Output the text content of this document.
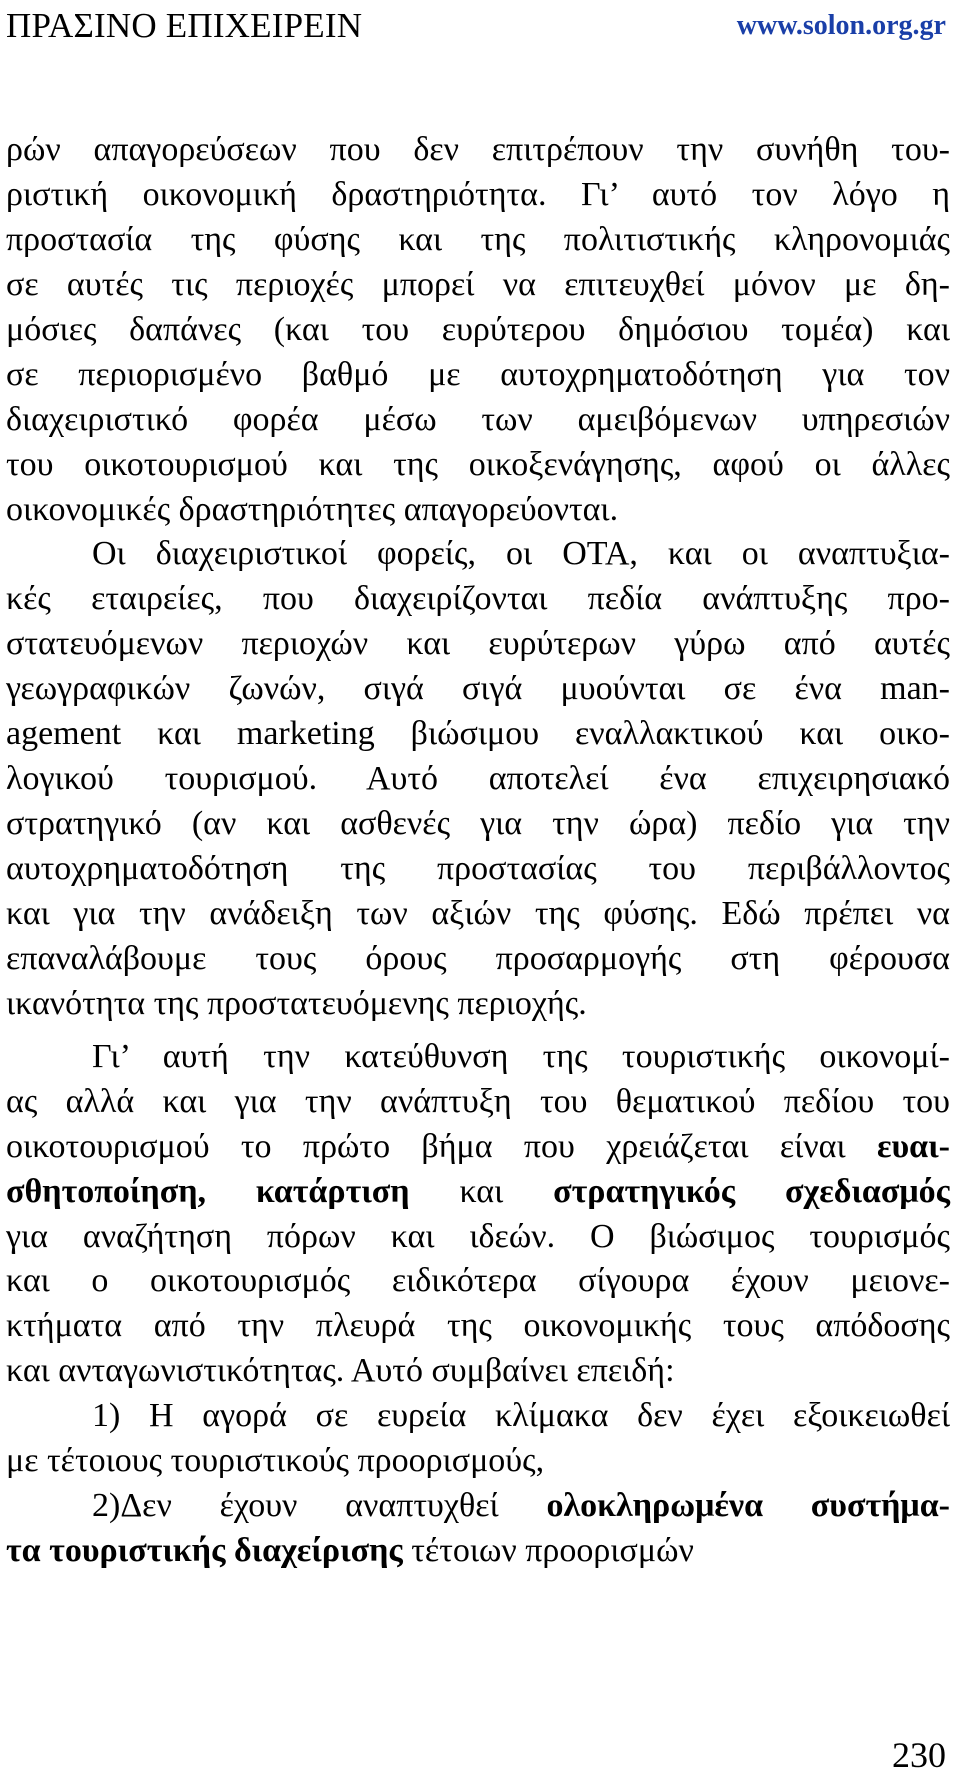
ΠΡΑΣΙΝΟ ΕΠΙΧΕΙΡΕΙΝ	www.solon.org.gr
ρών απαγορεύσεων που δεν επιτρέπουν την συνήθη του-
ριστική οικονομική δραστηριότητα. Γι’ αυτό τον λόγο η
προστασία της φύσης και της πολιτιστικής κληρονομιάς
σε αυτές τις περιοχές μπορεί να επιτευχθεί μόνον με δη-
μόσιες δαπάνες (και του ευρύτερου δημόσιου τομέα) και
σε περιορισμένο βαθμό με αυτοχρηματοδότηση για τον
διαχειριστικό φορέα μέσω των αμειβόμενων υπηρεσιών
του οικοτουρισμού και της οικοξενάγησης, αφού οι άλλες
οικονομικές δραστηριότητες απαγορεύονται.
Οι διαχειριστικοί φορείς, οι ΟΤΑ, και οι αναπτυξια-
κές εταιρείες, που διαχειρίζονται πεδία ανάπτυξης προ-
στατευόμενων περιοχών και ευρύτερων γύρω από αυτές
γεωγραφικών ζωνών, σιγά σιγά μυούνται σε ένα man-
agement και marketing βιώσιμου εναλλακτικού και οικο-
λογικού τουρισμού. Αυτό αποτελεί ένα επιχειρησιακό
στρατηγικό (αν και ασθενές για την ώρα) πεδίο για την
αυτοχρηματοδότηση της προστασίας του περιβάλλοντος
και για την ανάδειξη των αξιών της φύσης. Εδώ πρέπει να
επαναλάβουμε τους όρους προσαρμογής στη φέρουσα
ικανότητα της προστατευόμενης περιοχής.
Γι’ αυτή την κατεύθυνση της τουριστικής οικονομί-
ας αλλά και για την ανάπτυξη του θεματικού πεδίου του
οικοτουρισμού το πρώτο βήμα που χρειάζεται είναι ευαι-
σθητοποίηση, κατάρτιση και στρατηγικός σχεδιασμός
για αναζήτηση πόρων και ιδεών. Ο βιώσιμος τουρισμός
και ο οικοτουρισμός ειδικότερα σίγουρα έχουν μειονε-
κτήματα από την πλευρά της οικονομικής τους απόδοσης
και ανταγωνιστικότητας. Αυτό συμβαίνει επειδή:
1) Η αγορά σε ευρεία κλίμακα δεν έχει εξοικειωθεί
με τέτοιους τουριστικούς προορισμούς,
2)Δεν έχουν αναπτυχθεί ολοκληρωμένα συστήμα-
τα τουριστικής διαχείρισης τέτοιων προορισμών
230
